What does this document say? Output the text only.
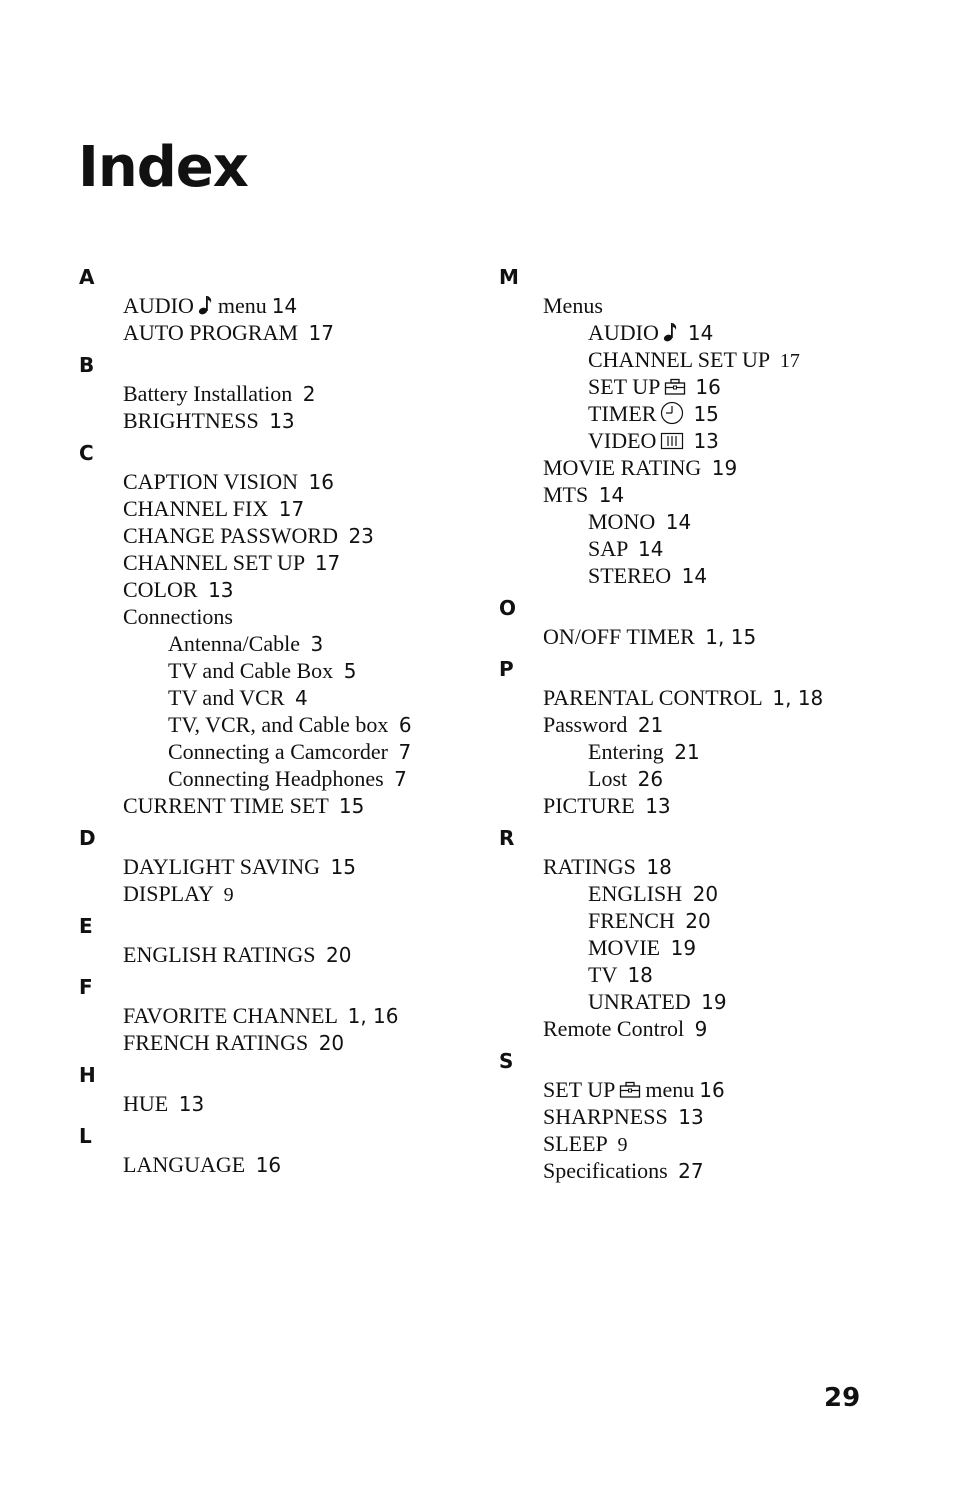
Index
A
AUDIO menu 14
AUTO PROGRAM 17
B
Battery Installation 2
BRIGHTNESS 13
C
CAPTION VISION 16
CHANNEL FIX 17
CHANGE PASSWORD 23
CHANNEL SET UP 17
COLOR 13
Connections
Antenna/Cable 3
TV and Cable Box 5
TV and VCR 4
TV, VCR, and Cable box 6
Connecting a Camcorder 7
Connecting Headphones 7
CURRENT TIME SET 15
D
DAYLIGHT SAVING 15
DISPLAY 9
E
ENGLISH RATINGS 20
F
FAVORITE CHANNEL 1, 16
FRENCH RATINGS 20
H
HUE 13
L
LANGUAGE 16
M
Menus
AUDIO 14
CHANNEL SET UP 17
SET UP 16
TIMER 15
VIDEO 13
MOVIE RATING 19
MTS 14
MONO 14
SAP 14
STEREO 14
O
ON/OFF TIMER 1, 15
P
PARENTAL CONTROL 1, 18
Password 21
Entering 21
Lost 26
PICTURE 13
R
RATINGS 18
ENGLISH 20
FRENCH 20
MOVIE 19
TV 18
UNRATED 19
Remote Control 9
S
SET UP menu 16
SHARPNESS 13
SLEEP 9
Specifications 27
29
